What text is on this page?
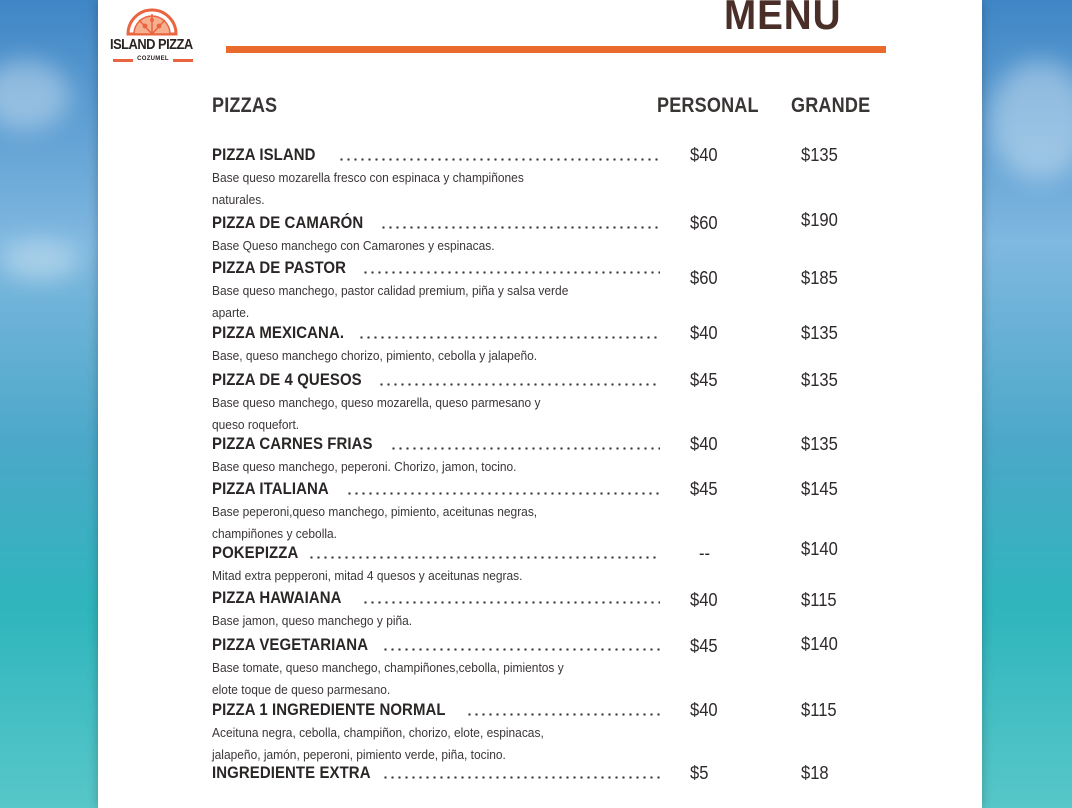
ISLAND PIZZA
COZUMEL
MENU
PIZZAS	PERSONAL GRANDE
PIZZA ISLAND
Base queso mozarella fresco con espinaca y champiñones naturales.
$40	$135
PIZZA DE CAMARÓN
Base Queso manchego con Camarones y espinacas.
$60	$190
PIZZA DE PASTOR
Base queso manchego, pastor calidad premium, piña y salsa verde aparte.
$60	$185
PIZZA MEXICANA.
Base, queso manchego chorizo, pimiento, cebolla y jalapeño.
$40	$135
PIZZA DE 4 QUESOS
Base queso manchego, queso mozarella, queso parmesano y queso roquefort.
$45	$135
PIZZA CARNES FRIAS
Base queso manchego, peperoni. Chorizo, jamon, tocino.
$40	$135
PIZZA ITALIANA
Base peperoni,queso manchego, pimiento, aceitunas negras, champiñones y cebolla.
$45	$145
POKEPIZZA
Mitad extra pepperoni, mitad 4 quesos y aceitunas negras.
--	$140
PIZZA HAWAIANA
Base jamon, queso manchego y piña.
$40	$115
PIZZA VEGETARIANA
Base tomate, queso manchego, champiñones,cebolla, pimientos y elote toque de queso parmesano.
$45	$140
PIZZA 1 INGREDIENTE NORMAL
Aceituna negra, cebolla, champiñon, chorizo, elote, espinacas, jalapeño, jamón, peperoni, pimiento verde, piña, tocino.
$40	$115
INGREDIENTE EXTRA	$5	$18
